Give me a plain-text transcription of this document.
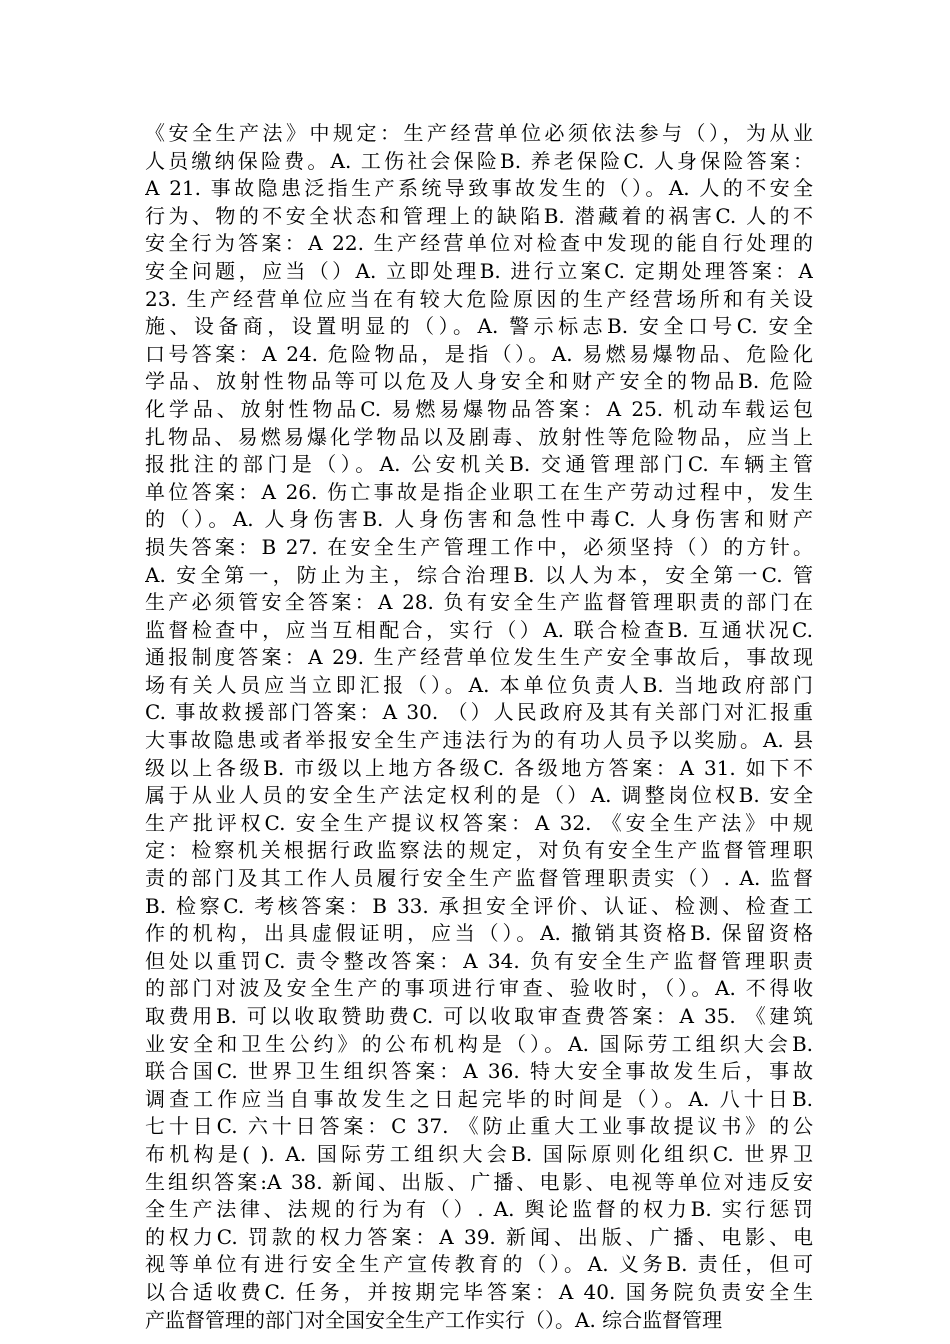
《安全生产法》中规定：生产经营单位必须依法参与（），为从业
人员缴纳保险费。A. 工伤社会保险B. 养老保险C. 人身保险答案：
A 21. 事故隐患泛指生产系统导致事故发生的（）。A. 人的不安全
行为、物的不安全状态和管理上的缺陷B. 潜藏着的祸害C. 人的不
安全行为答案：A 22. 生产经营单位对检查中发现的能自行处理的
安全问题，应当（）A. 立即处理B. 进行立案C. 定期处理答案：A
23. 生产经营单位应当在有较大危险原因的生产经营场所和有关设
施、设备商，设置明显的（）。A. 警示标志B. 安全口号C. 安全
口号答案：A 24. 危险物品，是指（）。A. 易燃易爆物品、危险化
学品、放射性物品等可以危及人身安全和财产安全的物品B. 危险
化学品、放射性物品C. 易燃易爆物品答案：A 25. 机动车载运包
扎物品、易燃易爆化学物品以及剧毒、放射性等危险物品，应当上
报批注的部门是（）。A. 公安机关B. 交通管理部门C. 车辆主管
单位答案：A 26. 伤亡事故是指企业职工在生产劳动过程中，发生
的（）。A. 人身伤害B. 人身伤害和急性中毒C. 人身伤害和财产
损失答案：B 27. 在安全生产管理工作中，必须坚持（）的方针。
A. 安全第一，防止为主，综合治理B. 以人为本，安全第一C. 管
生产必须管安全答案：A 28. 负有安全生产监督管理职责的部门在
监督检查中，应当互相配合，实行（）A. 联合检查B. 互通状况C.
通报制度答案：A 29. 生产经营单位发生生产安全事故后，事故现
场有关人员应当立即汇报（）。A. 本单位负责人B. 当地政府部门
C. 事故救援部门答案：A 30. （）人民政府及其有关部门对汇报重
大事故隐患或者举报安全生产违法行为的有功人员予以奖励。A. 县
级以上各级B. 市级以上地方各级C. 各级地方答案：A 31. 如下不
属于从业人员的安全生产法定权利的是（）A. 调整岗位权B. 安全
生产批评权C. 安全生产提议权答案：A 32. 《安全生产法》中规
定：检察机关根据行政监察法的规定，对负有安全生产监督管理职
责的部门及其工作人员履行安全生产监督管理职责实（）. A. 监督
B. 检察C. 考核答案：B 33. 承担安全评价、认证、检测、检查工
作的机构，出具虚假证明，应当（）。A. 撤销其资格B. 保留资格
但处以重罚C. 责令整改答案：A 34. 负有安全生产监督管理职责
的部门对波及安全生产的事项进行审查、验收时，（）。A. 不得收
取费用B. 可以收取赞助费C. 可以收取审查费答案：A 35. 《建筑
业安全和卫生公约》的公布机构是（）。A. 国际劳工组织大会B.
联合国C. 世界卫生组织答案：A 36. 特大安全事故发生后，事故
调查工作应当自事故发生之日起完毕的时间是（）。A. 八十日B.
七十日C. 六十日答案：C 37. 《防止重大工业事故提议书》的公
布机构是( ). A. 国际劳工组织大会B. 国际原则化组织C. 世界卫
生组织答案:A 38. 新闻、出版、广播、电影、电视等单位对违反安
全生产法律、法规的行为有（）. A. 舆论监督的权力B. 实行惩罚
的权力C. 罚款的权力答案：A 39. 新闻、出版、广播、电影、电
视等单位有进行安全生产宣传教育的（）。A. 义务B. 责任，但可
以合适收费C. 任务，并按期完毕答案：A 40. 国务院负责安全生
产监督管理的部门对全国安全生产工作实行（）。A. 综合监督管理
